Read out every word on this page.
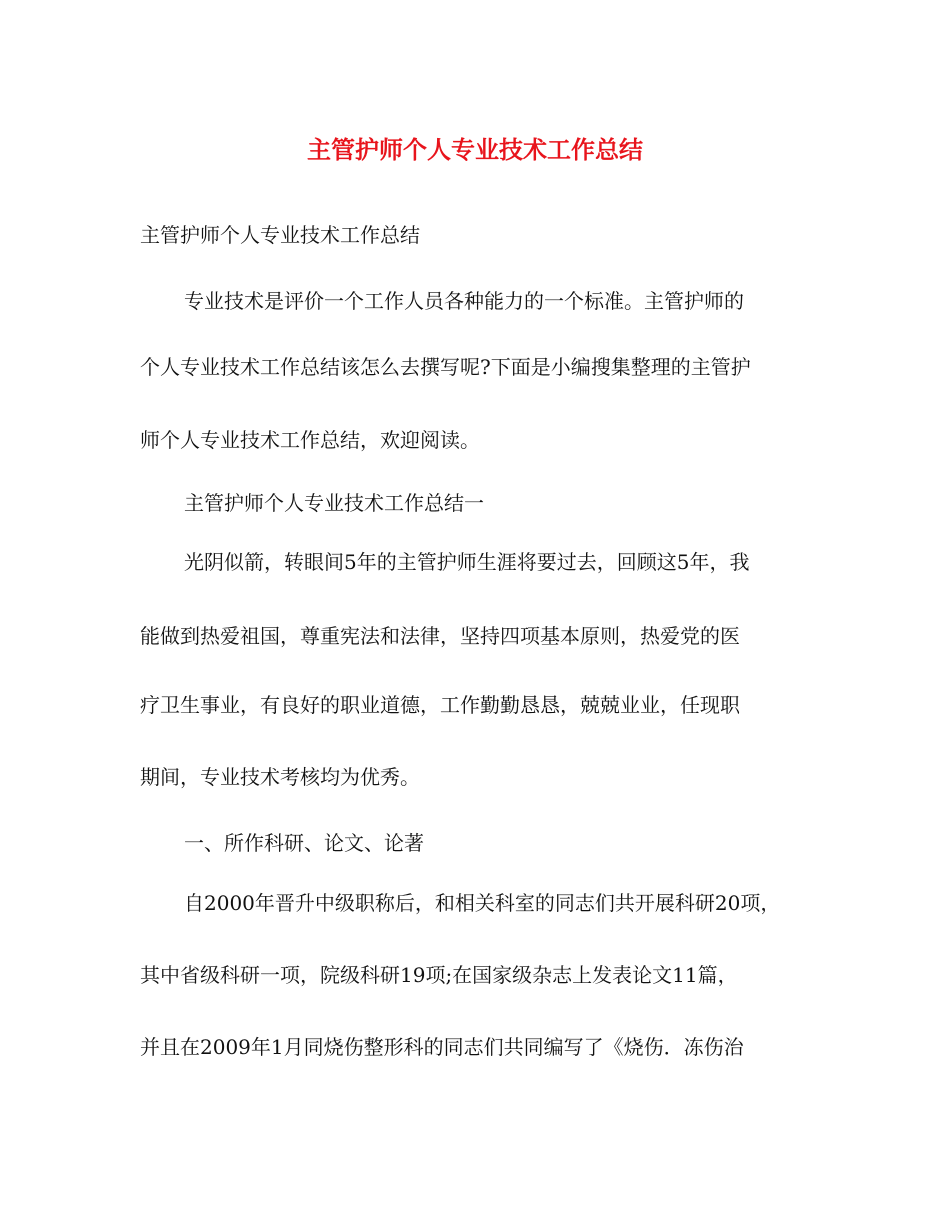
主管护师个人专业技术工作总结

主管护师个人专业技术工作总结

专业技术是评价一个工作人员各种能力的一个标准。主管护师的

个人专业技术工作总结该怎么去撰写呢?下面是小编搜集整理的主管护

师个人专业技术工作总结，欢迎阅读。

主管护师个人专业技术工作总结一

光阴似箭，转眼间5年的主管护师生涯将要过去，回顾这5年，我

能做到热爱祖国，尊重宪法和法律，坚持四项基本原则，热爱党的医

疗卫生事业，有良好的职业道德，工作勤勤恳恳，兢兢业业，任现职

期间，专业技术考核均为优秀。

一、所作科研、论文、论著

自2000年晋升中级职称后，和相关科室的同志们共开展科研20项，

其中省级科研一项，院级科研19项;在国家级杂志上发表论文11篇，

并且在2009年1月同烧伤整形科的同志们共同编写了《烧伤．冻伤治
